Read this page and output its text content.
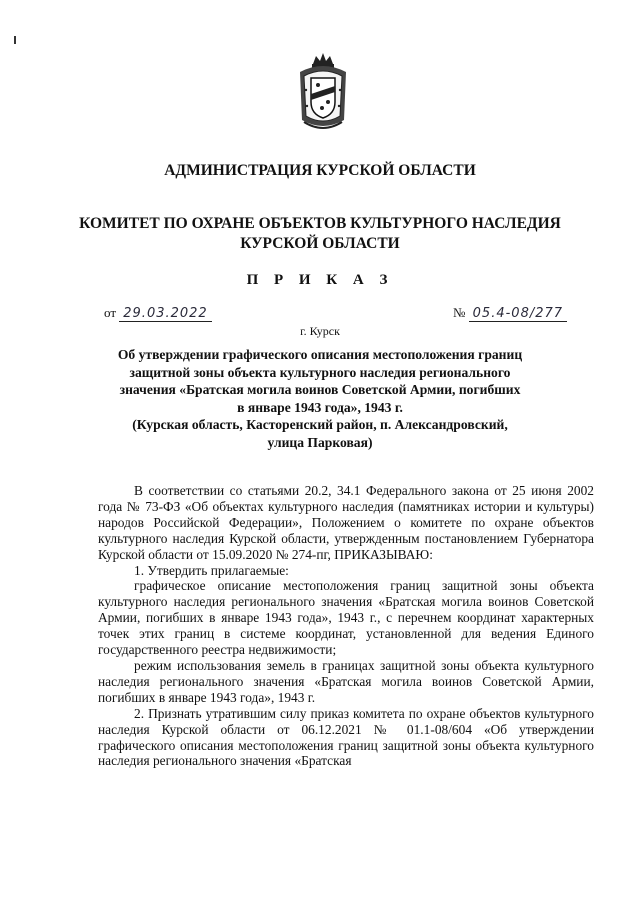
АДМИНИСТРАЦИЯ КУРСКОЙ ОБЛАСТИ
КОМИТЕТ ПО ОХРАНЕ ОБЪЕКТОВ КУЛЬТУРНОГО НАСЛЕДИЯ
КУРСКОЙ ОБЛАСТИ
П Р И К А З
от 29.03.2022	№ 05.4-08/277
г. Курск
Об утверждении графического описания местоположения границ
защитной зоны объекта культурного наследия регионального
значения «Братская могила воинов Советской Армии, погибших
в январе 1943 года», 1943 г.
(Курская область, Касторенский район, п. Александровский,
улица Парковая)

В соответствии со статьями 20.2, 34.1 Федерального закона от 25 июня 2002 года № 73-ФЗ «Об объектах культурного наследия (памятниках истории и культуры) народов Российской Федерации», Положением о комитете по охране объектов культурного наследия Курской области, утвержденным постановлением Губернатора Курской области от 15.09.2020 № 274-пг, ПРИКАЗЫВАЮ:

1. Утвердить прилагаемые:

графическое описание местоположения границ защитной зоны объекта культурного наследия регионального значения «Братская могила воинов Советской Армии, погибших в январе 1943 года», 1943 г., с перечнем координат характерных точек этих границ в системе координат, установленной для ведения Единого государственного реестра недвижимости;

режим использования земель в границах защитной зоны объекта культурного наследия регионального значения «Братская могила воинов Советской Армии, погибших в январе 1943 года», 1943 г.

2. Признать утратившим силу приказ комитета по охране объектов культурного наследия Курской области от 06.12.2021 № 01.1-08/604 «Об утверждении графического описания местоположения границ защитной зоны объекта культурного наследия регионального значения «Братская
